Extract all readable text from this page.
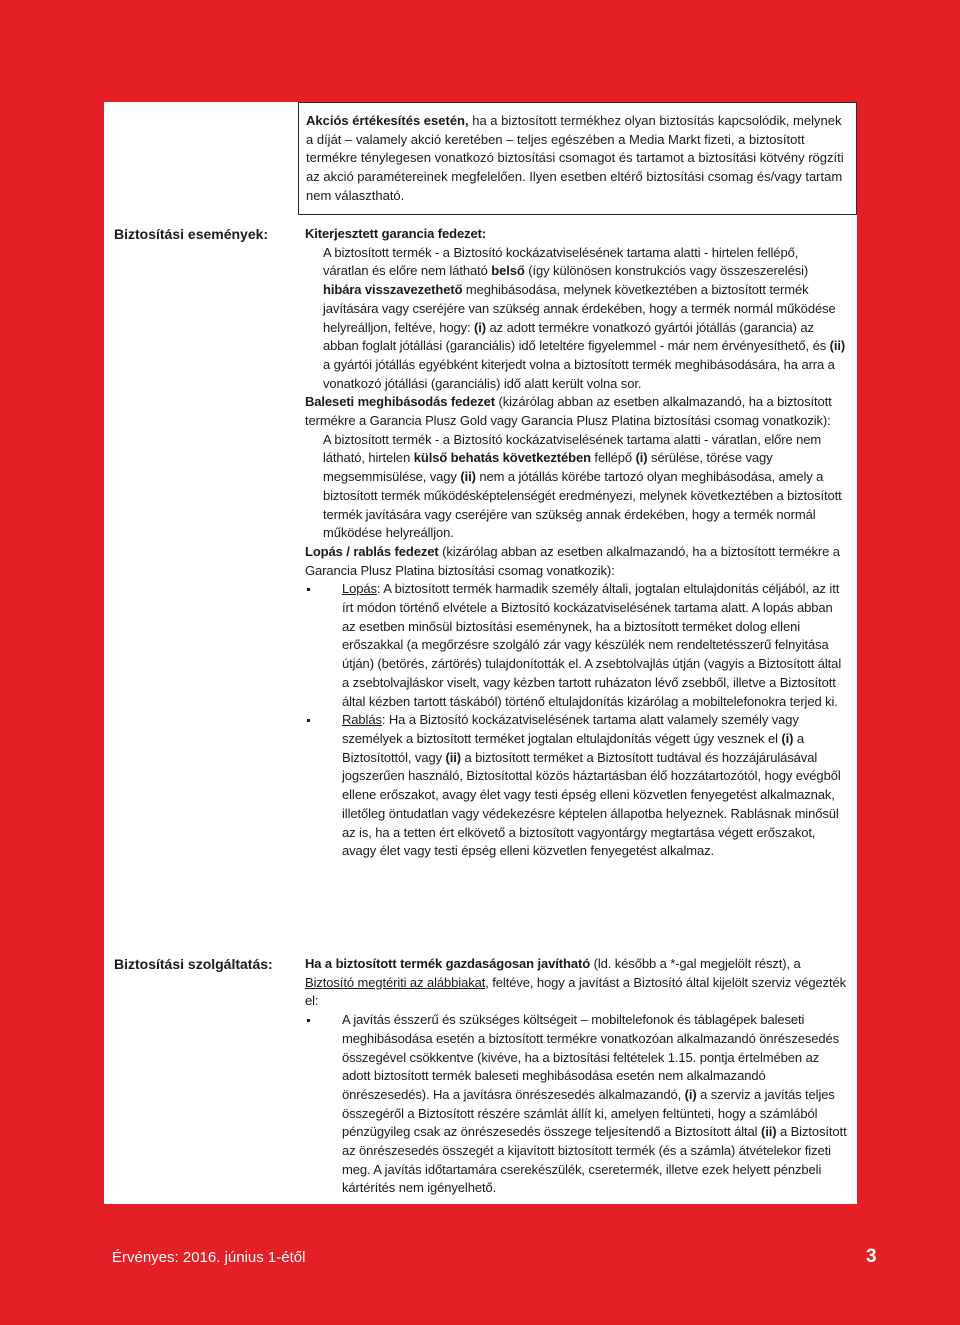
Akciós értékesítés esetén, ha a biztosított termékhez olyan biztosítás kapcsolódik, melynek a díját – valamely akció keretében – teljes egészében a Media Markt fizeti, a biztosított termékre ténylegesen vonatkozó biztosítási csomagot és tartamot a biztosítási kötvény rögzíti az akció paramétereinek megfelelően. Ilyen esetben eltérő biztosítási csomag és/vagy tartam nem választható.

Biztosítási események:	Kiterjesztett garancia fedezet:

A biztosított termék - a Biztosító kockázatviselésének tartama alatti - hirtelen fellépő, váratlan és előre nem látható belső (így különösen konstrukciós vagy összeszerelési) hibára visszavezethető meghibásodása, melynek következtében a biztosított termék javítására vagy cseréjére van szükség annak érdekében, hogy a termék normál működése helyreálljon, feltéve, hogy: (i) az adott termékre vonatkozó gyártói jótállás (garancia) az abban foglalt jótállási (garanciális) idő leteltére figyelemmel - már nem érvényesíthető, és (ii) a gyártói jótállás egyébként kiterjedt volna a biztosított termék meghibásodására, ha arra a vonatkozó jótállási (garanciális) idő alatt került volna sor.

Baleseti meghibásodás fedezet (kizárólag abban az esetben alkalmazandó, ha a biztosított termékre a Garancia Plusz Gold vagy Garancia Plusz Platina biztosítási csomag vonatkozik):

A biztosított termék - a Biztosító kockázatviselésének tartama alatti - váratlan, előre nem látható, hirtelen külső behatás következtében fellépő (i) sérülése, törése vagy megsemmisülése, vagy (ii) nem a jótállás körébe tartozó olyan meghibásodása, amely a biztosított termék működésképtelenségét eredményezi, melynek következtében a biztosított termék javítására vagy cseréjére van szükség annak érdekében, hogy a termék normál működése helyreálljon.

Lopás / rablás fedezet (kizárólag abban az esetben alkalmazandó, ha a biztosított termékre a Garancia Plusz Platina biztosítási csomag vonatkozik):

Lopás: A biztosított termék harmadik személy általi, jogtalan eltulajdonítás céljából, az itt írt módon történő elvétele a Biztosító kockázatviselésének tartama alatt. A lopás abban az esetben minősül biztosítási eseménynek, ha a biztosított terméket dolog elleni erőszakkal (a megőrzésre szolgáló zár vagy készülék nem rendeltetésszerű felnyitása útján) (betörés, zártörés) tulajdonították el. A zsebtolvajlás útján (vagyis a Biztosított által a zsebtolvajláskor viselt, vagy kézben tartott ruházaton lévő zsebből, illetve a Biztosított által kézben tartott táskából) történő eltulajdonítás kizárólag a mobiltelefonokra terjed ki.

Rablás: Ha a Biztosító kockázatviselésének tartama alatt valamely személy vagy személyek a biztosított terméket jogtalan eltulajdonítás végett úgy vesznek el (i) a Biztosítottól, vagy (ii) a biztosított terméket a Biztosított tudtával és hozzájárulásával jogszerűen használó, Biztosítottal közös háztartásban élő hozzátartozótól, hogy evégből ellene erőszakot, avagy élet vagy testi épség elleni közvetlen fenyegetést alkalmaznak, illetőleg öntudatlan vagy védekezésre képtelen állapotba helyeznek. Rablásnak minősül az is, ha a tetten ért elkövető a biztosított vagyontárgy megtartása végett erőszakot, avagy élet vagy testi épség elleni közvetlen fenyegetést alkalmaz.

Biztosítási szolgáltatás:	Ha a biztosított termék gazdaságosan javítható (ld. később a *-gal megjelölt részt), a Biztosító megtériti az alábbiakat, feltéve, hogy a javítást a Biztosító által kijelölt szerviz végezték el:

A javítás ésszerű és szükséges költségeit – mobiltelefonok és táblagépek baleseti meghibásodása esetén a biztosított termékre vonatkozóan alkalmazandó önrészesedés összegével csökkentve (kivéve, ha a biztosítási feltételek 1.15. pontja értelmében az adott biztosított termék baleseti meghibásodása esetén nem alkalmazandó önrészesedés). Ha a javításra önrészesedés alkalmazandó, (i) a szerviz a javítás teljes összegéről a Biztosított részére számlát állít ki, amelyen feltünteti, hogy a számlából pénzügyileg csak az önrészesedés összege teljesítendő a Biztosított által (ii) a Biztosított az önrészesedés összegét a kijavított biztosított termék (és a számla) átvételekor fizeti meg. A javítás időtartamára cserekészülék, cseretermék, illetve ezek helyett pénzbeli kártérítés nem igényelhető.

Érvényes: 2016. június 1-étől	3
